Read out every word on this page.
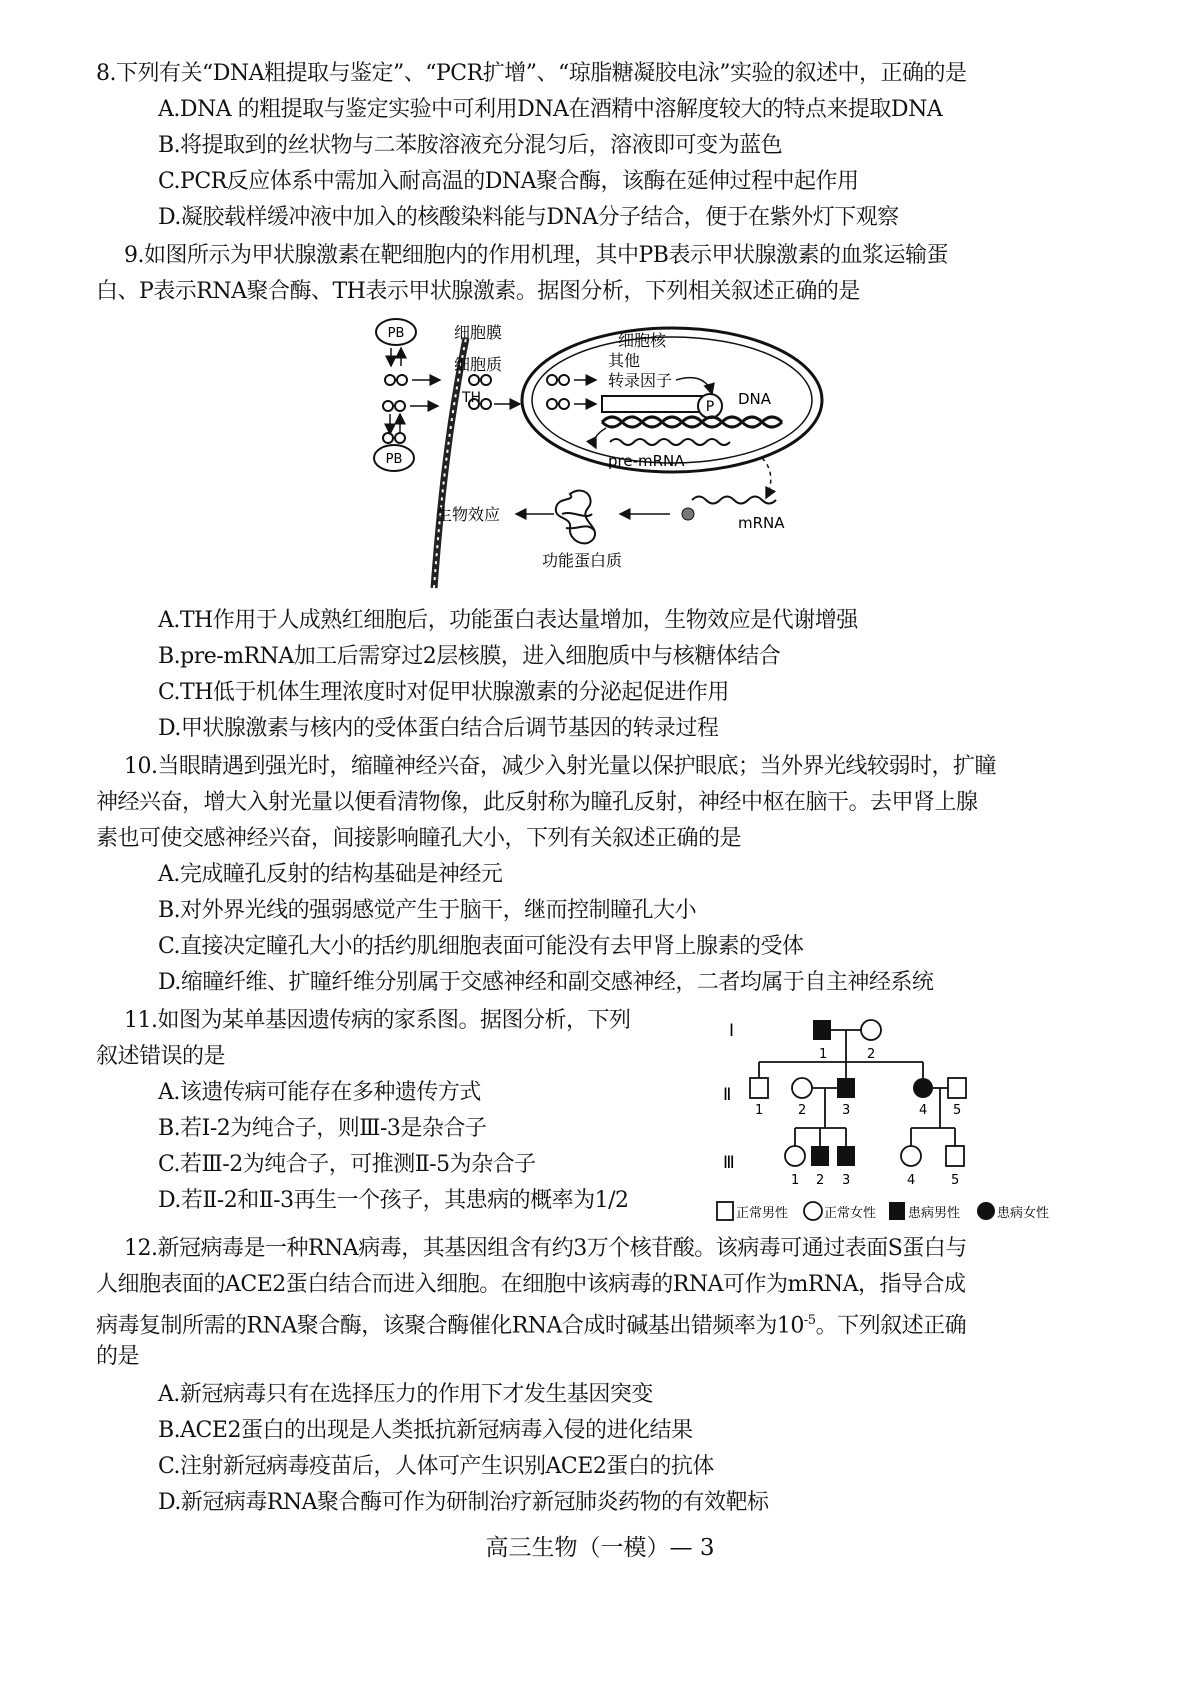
8.下列有关“DNA粗提取与鉴定”、“PCR扩增”、“琼脂糖凝胶电泳”实验的叙述中，正确的是
A.DNA 的粗提取与鉴定实验中可利用DNA在酒精中溶解度较大的特点来提取DNA
B.将提取到的丝状物与二苯胺溶液充分混匀后，溶液即可变为蓝色
C.PCR反应体系中需加入耐高温的DNA聚合酶，该酶在延伸过程中起作用
D.凝胶载样缓冲液中加入的核酸染料能与DNA分子结合，便于在紫外灯下观察
9.如图所示为甲状腺激素在靶细胞内的作用机理，其中PB表示甲状腺激素的血浆运输蛋
白、P表示RNA聚合酶、TH表示甲状腺激素。据图分析，下列相关叙述正确的是
PB	细胞膜
细胞质
PB
TH
细胞核
其他
转录因子
P DNA
pre-mRNA
mRNA
生物效应
功能蛋白质
A.TH作用于人成熟红细胞后，功能蛋白表达量增加，生物效应是代谢增强
B.pre-mRNA加工后需穿过2层核膜，进入细胞质中与核糖体结合
C.TH低于机体生理浓度时对促甲状腺激素的分泌起促进作用
D.甲状腺激素与核内的受体蛋白结合后调节基因的转录过程
10.当眼睛遇到强光时，缩瞳神经兴奋，减少入射光量以保护眼底；当外界光线较弱时，扩瞳
神经兴奋，增大入射光量以便看清物像，此反射称为瞳孔反射，神经中枢在脑干。去甲肾上腺
素也可使交感神经兴奋，间接影响瞳孔大小，下列有关叙述正确的是
A.完成瞳孔反射的结构基础是神经元
B.对外界光线的强弱感觉产生于脑干，继而控制瞳孔大小
C.直接决定瞳孔大小的括约肌细胞表面可能没有去甲肾上腺素的受体
D.缩瞳纤维、扩瞳纤维分别属于交感神经和副交感神经，二者均属于自主神经系统
11.如图为某单基因遗传病的家系图。据图分析，下列
叙述错误的是
A.该遗传病可能存在多种遗传方式
B.若Ⅰ-2为纯合子，则Ⅲ-3是杂合子
C.若Ⅲ-2为纯合子，可推测Ⅱ-5为杂合子
D.若Ⅱ-2和Ⅱ-3再生一个孩子，其患病的概率为1/2
Ⅰ
Ⅱ
Ⅲ
1	2
1	2	3	4 5
1 2 3	4	5
正常男性	正常女性 患病男性	患病女性
12.新冠病毒是一种RNA病毒，其基因组含有约3万个核苷酸。该病毒可通过表面S蛋白与
人细胞表面的ACE2蛋白结合而进入细胞。在细胞中该病毒的RNA可作为mRNA，指导合成
病毒复制所需的RNA聚合酶，该聚合酶催化RNA合成时碱基出错频率为$10^{-5}$。下列叙述正确
的是
A.新冠病毒只有在选择压力的作用下才发生基因突变
B.ACE2蛋白的出现是人类抵抗新冠病毒入侵的进化结果
C.注射新冠病毒疫苗后，人体可产生识别ACE2蛋白的抗体
D.新冠病毒RNA聚合酶可作为研制治疗新冠肺炎药物的有效靶标
高三生物（一模）— 3
